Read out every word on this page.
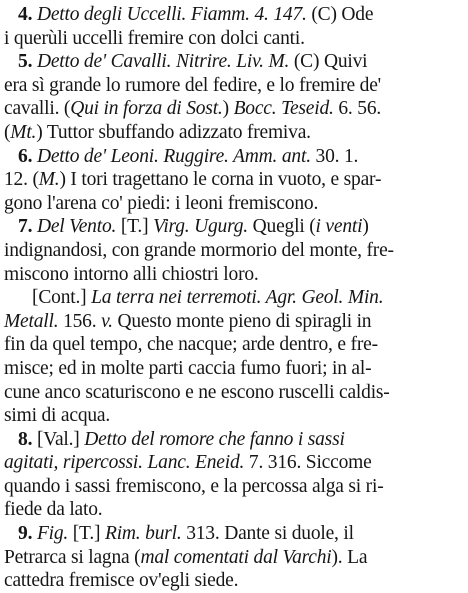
4. Detto degli Uccelli. Fiamm. 4. 147. (C) Ode
i querùli uccelli fremire con dolci canti.
5. Detto de' Cavalli. Nitrire. Liv. M. (C) Quivi
era sì grande lo rumore del fedire, e lo fremire de'
cavalli. (Qui in forza di Sost.) Bocc. Teseid. 6. 56.
(Mt.) Tuttor sbuffando adizzato fremiva.
6. Detto de' Leoni. Ruggire. Amm. ant. 30. 1.
12. (M.) I tori tragettano le corna in vuoto, e spar-
gono l'arena co' piedi: i leoni fremiscono.
7. Del Vento. [T.] Virg. Ugurg. Quegli (i venti)
indignandosi, con grande mormorio del monte, fre-
miscono intorno alli chiostri loro.
[Cont.] La terra nei terremoti. Agr. Geol. Min.
Metall. 156. v. Questo monte pieno di spiragli in
fin da quel tempo, che nacque; arde dentro, e fre-
misce; ed in molte parti caccia fumo fuori; in al-
cune anco scaturiscono e ne escono ruscelli caldis-
simi di acqua.
8. [Val.] Detto del romore che fanno i sassi
agitati, ripercossi. Lanc. Eneid. 7. 316. Siccome
quando i sassi fremiscono, e la percossa alga si ri-
fiede da lato.
9. Fig. [T.] Rim. burl. 313. Dante si duole, il
Petrarca si lagna (mal comentati dal Varchi). La
cattedra fremisce ov'egli siede.
